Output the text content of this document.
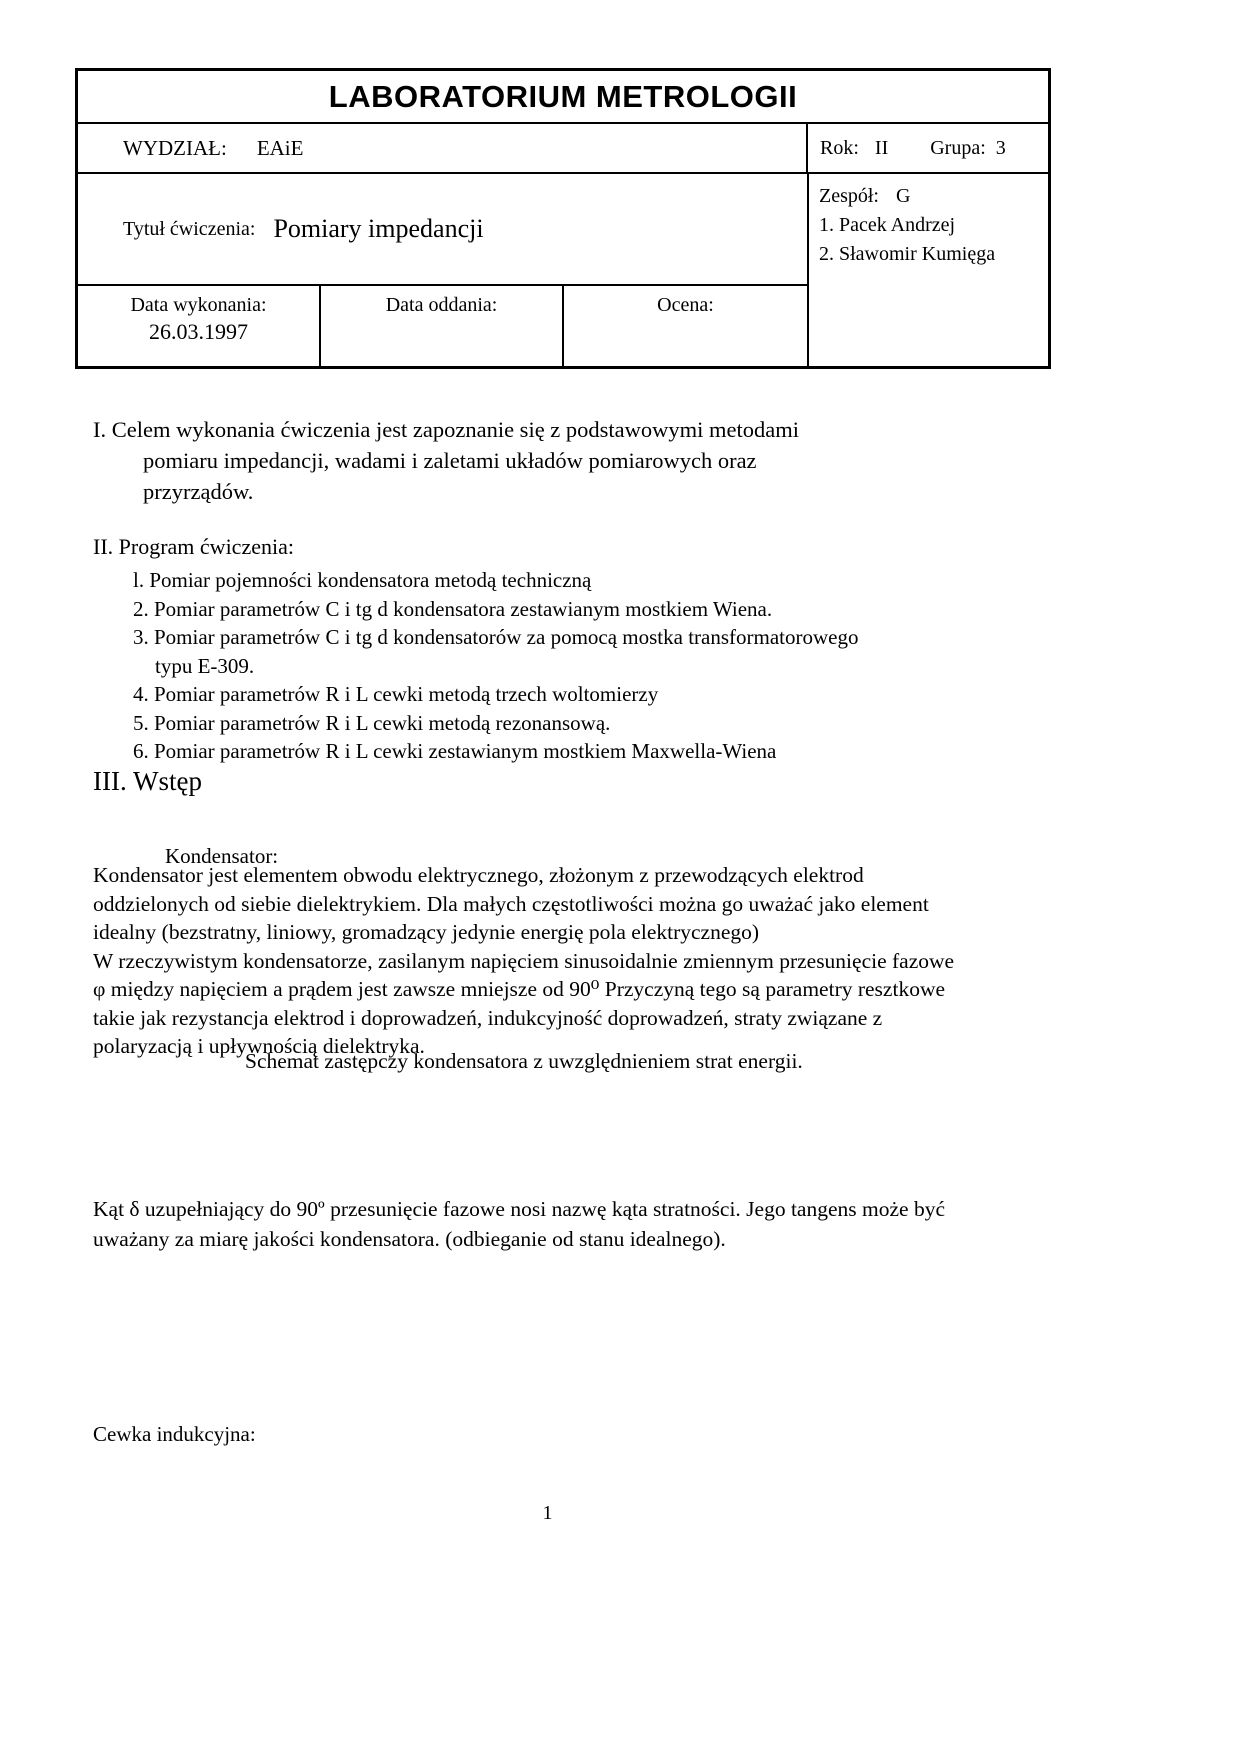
LABORATORIUM METROLOGII
WYDZIAŁ: EAiE	Rok: II Grupa: 3
Tytuł ćwiczenia: Pomiary impedancji
Data wykonania:
26.03.1997
Data oddania:	Ocena:
Zespół: G
1. Pacek Andrzej
2. Sławomir Kumięga
I. Celem wykonania ćwiczenia jest zapoznanie się z podstawowymi metodami
pomiaru impedancji, wadami i zaletami układów pomiarowych oraz
przyrządów.
II. Program ćwiczenia:
l. Pomiar pojemności kondensatora metodą techniczną
2. Pomiar parametrów C i tg d kondensatora zestawianym mostkiem Wiena.
3. Pomiar parametrów C i tg d kondensatorów za pomocą mostka transformatorowego
typu E-309.
4. Pomiar parametrów R i L cewki metodą trzech woltomierzy
5. Pomiar parametrów R i L cewki metodą rezonansową.
6. Pomiar parametrów R i L cewki zestawianym mostkiem Maxwella-Wiena
III. Wstęp
Kondensator:
Kondensator jest elementem obwodu elektrycznego, złożonym z przewodzących elektrod
oddzielonych od siebie dielektrykiem. Dla małych częstotliwości można go uważać jako element
idealny (bezstratny, liniowy, gromadzący jedynie energię pola elektrycznego)
W rzeczywistym kondensatorze, zasilanym napięciem sinusoidalnie zmiennym przesunięcie fazowe
φ między napięciem a prądem jest zawsze mniejsze od 90⁰ Przyczyną tego są parametry resztkowe
takie jak rezystancja elektrod i doprowadzeń, indukcyjność doprowadzeń, straty związane z
polaryzacją i upływnością dielektryka.
Schemat zastępczy kondensatora z uwzględnieniem strat energii.
Kąt δ uzupełniający do 90º przesunięcie fazowe nosi nazwę kąta stratności. Jego tangens może być
uważany za miarę jakości kondensatora. (odbieganie od stanu idealnego).
Cewka indukcyjna:
1
